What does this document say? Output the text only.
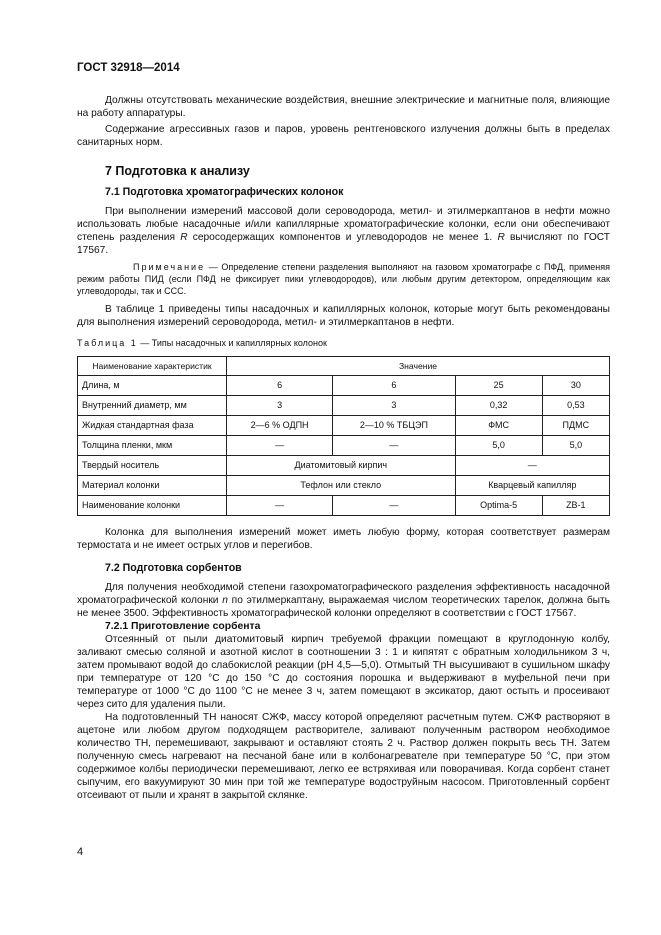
ГОСТ 32918—2014

Должны отсутствовать механические воздействия, внешние электрические и магнитные поля, влияющие на работу аппаратуры.

Содержание агрессивных газов и паров, уровень рентгеновского излучения должны быть в пределах санитарных норм.

7 Подготовка к анализу
7.1 Подготовка хроматографических колонок

При выполнении измерений массовой доли сероводорода, метил- и этилмеркаптанов в нефти можно использовать любые насадочные и/или капиллярные хроматографические колонки, если они обеспечивают степень разделения R серосодержащих компонентов и углеводородов не менее 1. R вычисляют по ГОСТ 17567.

Примечание — Определение степени разделения выполняют на газовом хроматографе с ПФД, применяя режим работы ПИД (если ПФД не фиксирует пики углеводородов), или любым другим детектором, определяющим как углеводороды, так и ССС.

В таблице 1 приведены типы насадочных и капиллярных колонок, которые могут быть рекомендованы для выполнения измерений сероводорода, метил- и этилмеркаптанов в нефти.

Таблица 1 — Типы насадочных и капиллярных колонок

Наименование характеристик	Значение			
Длина, м	6	6	25	30
Внутренний диаметр, мм	3	3	0,32	0,53
Жидкая стандартная фаза	2—6 % ОДПН	2—10 % ТБЦЭП	ФМС	ПДМС
Толщина пленки, мкм	—	—	5,0	5,0
Твердый носитель	Диатомитовый кирпич		—	
Материал колонки	Тефлон или стекло		Кварцевый капилляр	
Наименование колонки	—	—	Optima-5	ZB-1

Колонка для выполнения измерений может иметь любую форму, которая соответствует размерам термостата и не имеет острых углов и перегибов.

7.2 Подготовка сорбентов

Для получения необходимой степени газохроматографического разделения эффективность насадочной хроматографической колонки n по этилмеркаптану, выражаемая числом теоретических тарелок, должна быть не менее 3500. Эффективность хроматографической колонки определяют в соответствии с ГОСТ 17567.

7.2.1 Приготовление сорбента

Отсеянный от пыли диатомитовый кирпич требуемой фракции помещают в круглодонную колбу, заливают смесью соляной и азотной кислот в соотношении 3 : 1 и кипятят с обратным холодильником 3 ч, затем промывают водой до слабокислой реакции (рН 4,5—5,0). Отмытый ТН высушивают в сушильном шкафу при температуре от 120 °С до 150 °С до состояния порошка и выдерживают в муфельной печи при температуре от 1000 °С до 1100 °С не менее 3 ч, затем помещают в эксикатор, дают остыть и просеивают через сито для удаления пыли.

На подготовленный ТН наносят СЖФ, массу которой определяют расчетным путем. СЖФ растворяют в ацетоне или любом другом подходящем растворителе, заливают полученным раствором необходимое количество ТН, перемешивают, закрывают и оставляют стоять 2 ч. Раствор должен покрыть весь ТН. Затем полученную смесь нагревают на песчаной бане или в колбонагревателе при температуре 50 °С, при этом содержимое колбы периодически перемешивают, легко ее встряхивая или поворачивая. Когда сорбент станет сыпучим, его вакуумируют 30 мин при той же температуре водоструйным насосом. Приготовленный сорбент отсеивают от пыли и хранят в закрытой склянке.

4
